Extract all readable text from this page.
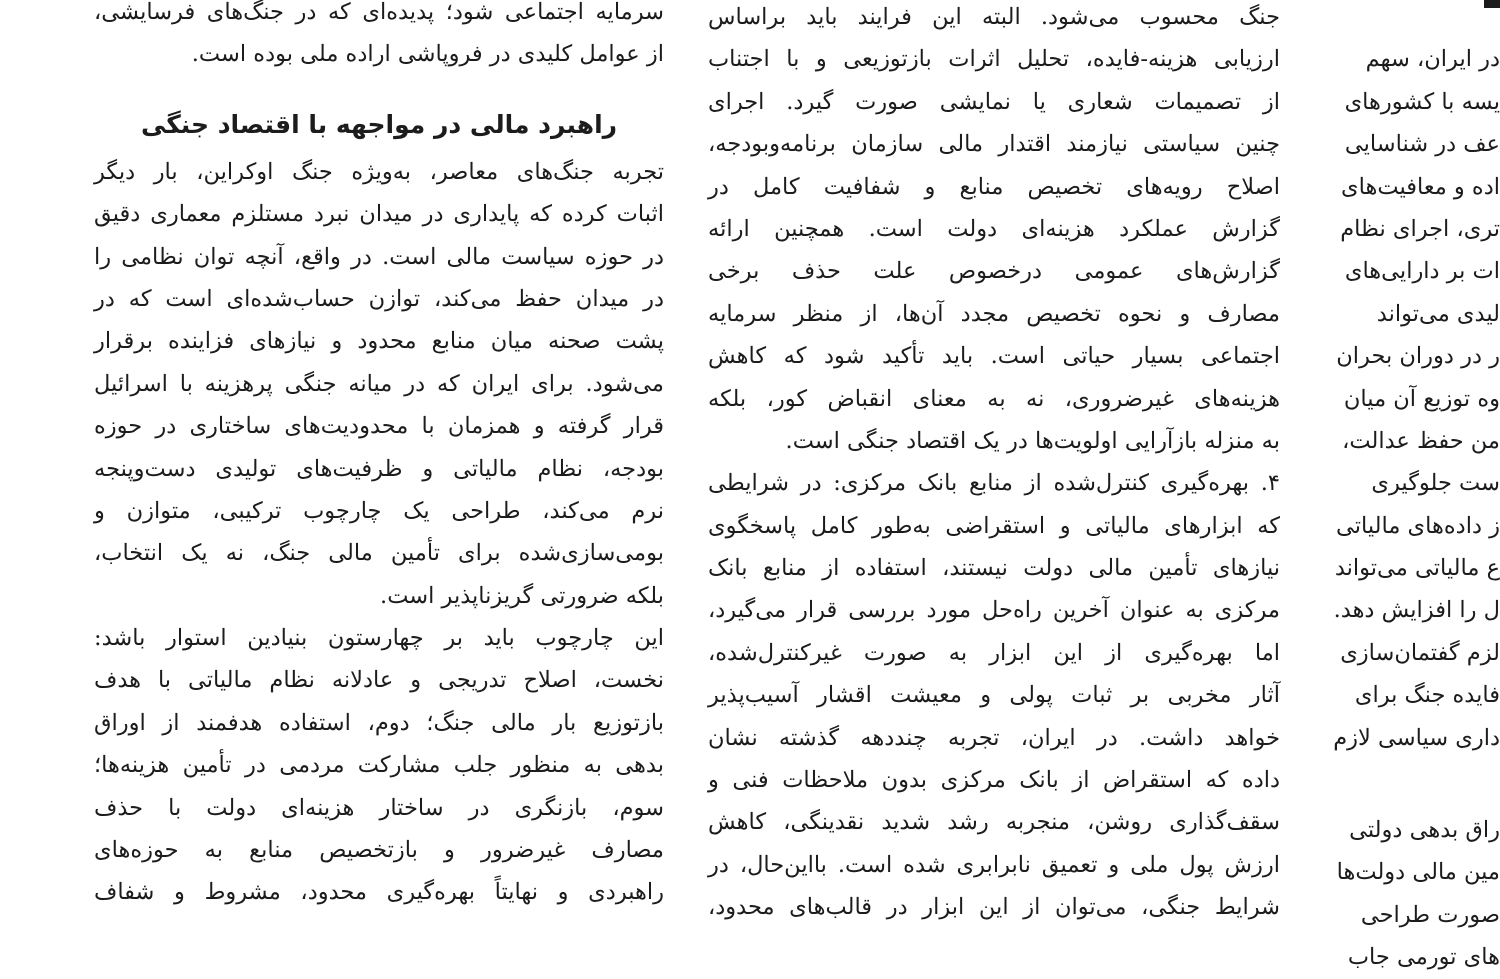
سرمایه اجتماعی شود؛ پدیده‌ای که در جنگ‌های فرسایشی،
از عوامل کلیدی در فروپاشی اراده ملی بوده است.
راهبرد مالی در مواجهه با اقتصاد جنگی
تجربه جنگ‌های معاصر، به‌ویژه جنگ اوکراین، بار دیگر
اثبات کرده که پایداری در میدان نبرد مستلزم معماری دقیق
در حوزه سیاست مالی است. در واقع، آنچه توان نظامی را
در میدان حفظ می‌کند، توازن حساب‌شده‌ای است که در
پشت صحنه میان منابع محدود و نیازهای فزاینده برقرار
می‌شود. برای ایران که در میانه جنگی پرهزینه با اسرائیل
قرار گرفته و همزمان با محدودیت‌های ساختاری در حوزه
بودجه، نظام مالیاتی و ظرفیت‌های تولیدی دست‌وپنجه
نرم می‌کند، طراحی یک چارچوب ترکیبی، متوازن و
بومی‌سازی‌شده برای تأمین مالی جنگ، نه یک انتخاب،
بلکه ضرورتی گریزناپذیر است.
این چارچوب باید بر چهارستون بنیادین استوار باشد:
نخست، اصلاح تدریجی و عادلانه نظام مالیاتی با هدف
بازتوزیع بار مالی جنگ؛ دوم، استفاده هدفمند از اوراق
بدهی به منظور جلب مشارکت مردمی در تأمین هزینه‌ها؛
سوم، بازنگری در ساختار هزینه‌ای دولت با حذف
مصارف غیرضرور و بازتخصیص منابع به حوزه‌های
راهبردی و نهایتاً بهره‌گیری محدود، مشروط و شفاف
جنگ محسوب می‌شود. البته این فرایند باید براساس
ارزیابی هزینه-فایده، تحلیل اثرات بازتوزیعی و با اجتناب
از تصمیمات شعاری یا نمایشی صورت گیرد. اجرای
چنین سیاستی نیازمند اقتدار مالی سازمان برنامه‌وبودجه،
اصلاح رویه‌های تخصیص منابع و شفافیت کامل در
گزارش عملکرد هزینه‌ای دولت است. همچنین ارائه
گزارش‌های عمومی درخصوص علت حذف برخی
مصارف و نحوه تخصیص مجدد آن‌ها، از منظر سرمایه
اجتماعی بسیار حیاتی است. باید تأکید شود که کاهش
هزینه‌های غیرضروری، نه به معنای انقباض کور، بلکه
به منزله بازآرایی اولویت‌ها در یک اقتصاد جنگی است.
۴. بهره‌گیری کنترل‌شده از منابع بانک مرکزی: در شرایطی
که ابزارهای مالیاتی و استقراضی به‌طور کامل پاسخگوی
نیازهای تأمین مالی دولت نیستند، استفاده از منابع بانک
مرکزی به عنوان آخرین راه‌حل مورد بررسی قرار می‌گیرد،
اما بهره‌گیری از این ابزار به صورت غیرکنترل‌شده،
آثار مخربی بر ثبات پولی و معیشت اقشار آسیب‌پذیر
خواهد داشت. در ایران، تجربه چنددهه گذشته نشان
داده که استقراض از بانک مرکزی بدون ملاحظات فنی و
سقف‌گذاری روشن، منجربه رشد شدید نقدینگی، کاهش
ارزش پول ملی و تعمیق نابرابری شده است. بااین‌حال، در
شرایط جنگی، می‌توان از این ابزار در قالب‌های محدود،
در ایران، سهم
یسه با کشورهای
عف در شناسایی
اده و معافیت‌های
تری، اجرای نظام
ات بر دارایی‌های
لیدی می‌تواند
ر در دوران بحران
وه توزیع آن میان
من حفظ عدالت،
ست جلوگیری
ز داده‌های مالیاتی
ع مالیاتی می‌تواند
ل را افزایش دهد.
لزم گفتمان‌سازی
فایده جنگ برای
داری سیاسی لازم
راق بدهی دولتی
مین مالی دولت‌ها
صورت طراحی
های تورمی جاب
